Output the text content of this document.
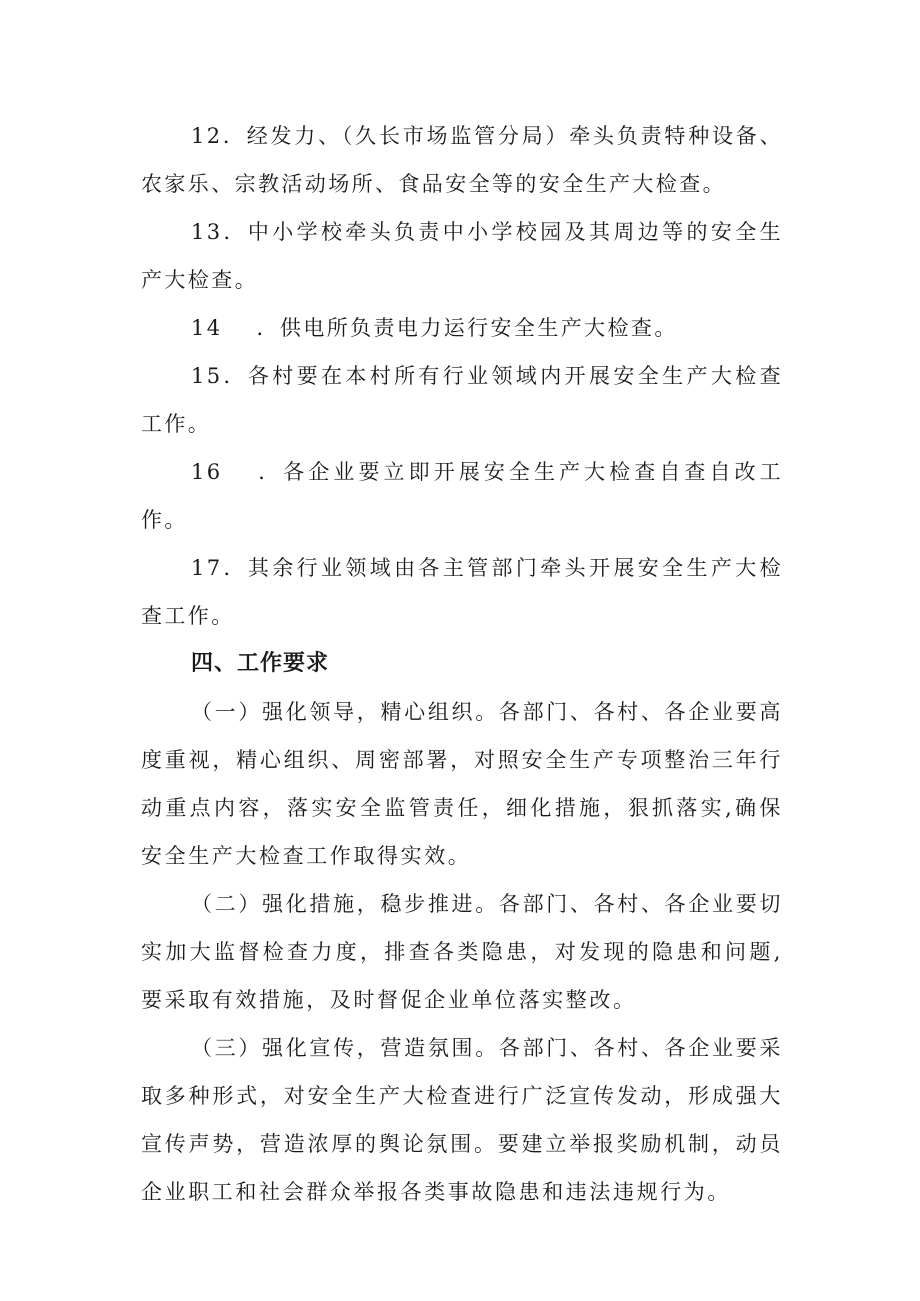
12．经发力、（久长市场监管分局）牵头负责特种设备、农家乐、宗教活动场所、食品安全等的安全生产大检查。

13．中小学校牵头负责中小学校园及其周边等的安全生产大检查。

14 ．供电所负责电力运行安全生产大检查。

15．各村要在本村所有行业领域内开展安全生产大检查工作。

16 ．各企业要立即开展安全生产大检查自查自改工作。

17．其余行业领域由各主管部门牵头开展安全生产大检查工作。

四、工作要求

（一）强化领导，精心组织。各部门、各村、各企业要高度重视，精心组织、周密部署，对照安全生产专项整治三年行动重点内容，落实安全监管责任，细化措施，狠抓落实,确保安全生产大检查工作取得实效。

（二）强化措施，稳步推进。各部门、各村、各企业要切实加大监督检查力度，排查各类隐患，对发现的隐患和问题,要采取有效措施，及时督促企业单位落实整改。

（三）强化宣传，营造氛围。各部门、各村、各企业要采取多种形式，对安全生产大检查进行广泛宣传发动，形成强大宣传声势，营造浓厚的舆论氛围。要建立举报奖励机制，动员企业职工和社会群众举报各类事故隐患和违法违规行为。
